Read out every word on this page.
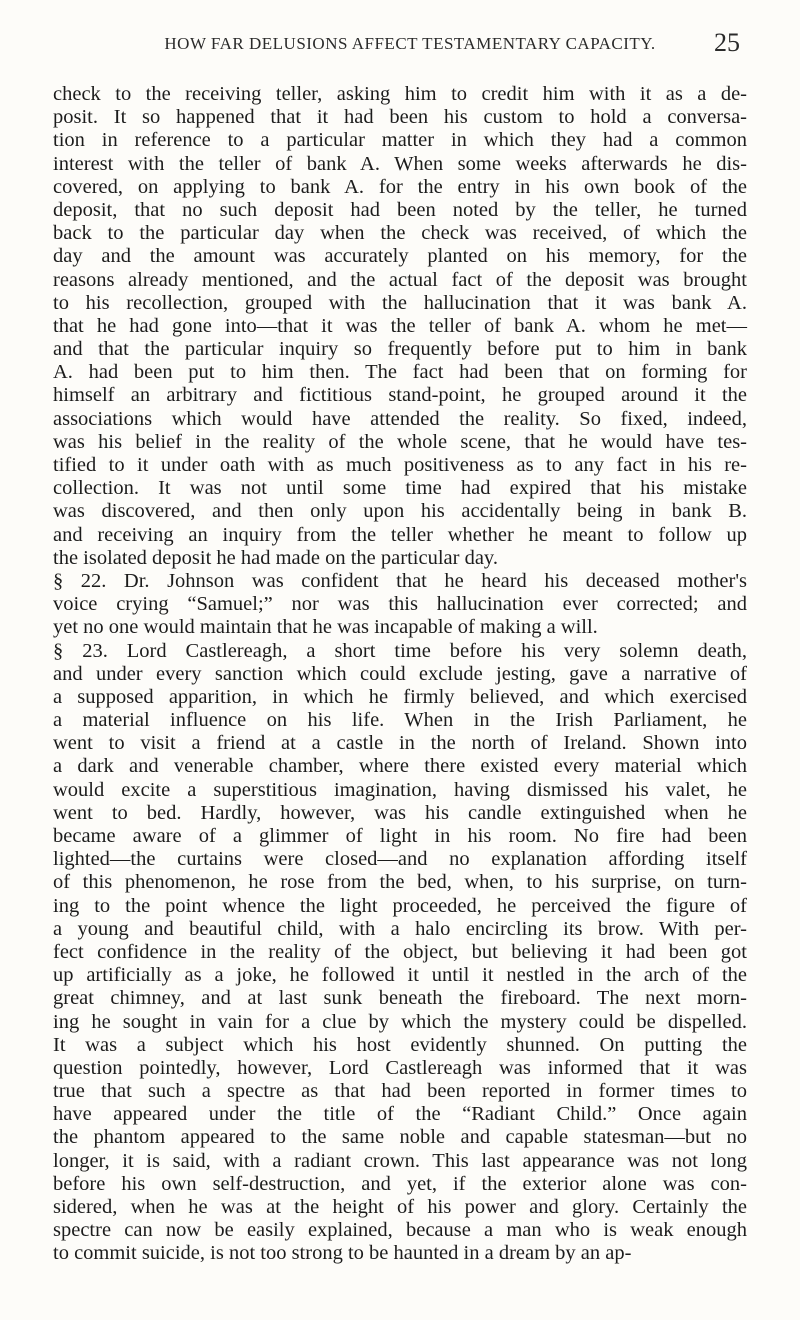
HOW FAR DELUSIONS AFFECT TESTAMENTARY CAPACITY.	25
check to the receiving teller, asking him to credit him with it as a de-
posit. It so happened that it had been his custom to hold a conversa-
tion in reference to a particular matter in which they had a common
interest with the teller of bank A. When some weeks afterwards he dis-
covered, on applying to bank A. for the entry in his own book of the
deposit, that no such deposit had been noted by the teller, he turned
back to the particular day when the check was received, of which the
day and the amount was accurately planted on his memory, for the
reasons already mentioned, and the actual fact of the deposit was brought
to his recollection, grouped with the hallucination that it was bank A.
that he had gone into—that it was the teller of bank A. whom he met—
and that the particular inquiry so frequently before put to him in bank
A. had been put to him then. The fact had been that on forming for
himself an arbitrary and fictitious stand-point, he grouped around it the
associations which would have attended the reality. So fixed, indeed,
was his belief in the reality of the whole scene, that he would have tes-
tified to it under oath with as much positiveness as to any fact in his re-
collection. It was not until some time had expired that his mistake
was discovered, and then only upon his accidentally being in bank B.
and receiving an inquiry from the teller whether he meant to follow up
the isolated deposit he had made on the particular day.
§ 22. Dr. Johnson was confident that he heard his deceased mother's
voice crying “Samuel;” nor was this hallucination ever corrected; and
yet no one would maintain that he was incapable of making a will.
§ 23. Lord Castlereagh, a short time before his very solemn death,
and under every sanction which could exclude jesting, gave a narrative of
a supposed apparition, in which he firmly believed, and which exercised
a material influence on his life. When in the Irish Parliament, he
went to visit a friend at a castle in the north of Ireland. Shown into
a dark and venerable chamber, where there existed every material which
would excite a superstitious imagination, having dismissed his valet, he
went to bed. Hardly, however, was his candle extinguished when he
became aware of a glimmer of light in his room. No fire had been
lighted—the curtains were closed—and no explanation affording itself
of this phenomenon, he rose from the bed, when, to his surprise, on turn-
ing to the point whence the light proceeded, he perceived the figure of
a young and beautiful child, with a halo encircling its brow. With per-
fect confidence in the reality of the object, but believing it had been got
up artificially as a joke, he followed it until it nestled in the arch of the
great chimney, and at last sunk beneath the fireboard. The next morn-
ing he sought in vain for a clue by which the mystery could be dispelled.
It was a subject which his host evidently shunned. On putting the
question pointedly, however, Lord Castlereagh was informed that it was
true that such a spectre as that had been reported in former times to
have appeared under the title of the “Radiant Child.” Once again
the phantom appeared to the same noble and capable statesman—but no
longer, it is said, with a radiant crown. This last appearance was not long
before his own self-destruction, and yet, if the exterior alone was con-
sidered, when he was at the height of his power and glory. Certainly the
spectre can now be easily explained, because a man who is weak enough
to commit suicide, is not too strong to be haunted in a dream by an ap-
